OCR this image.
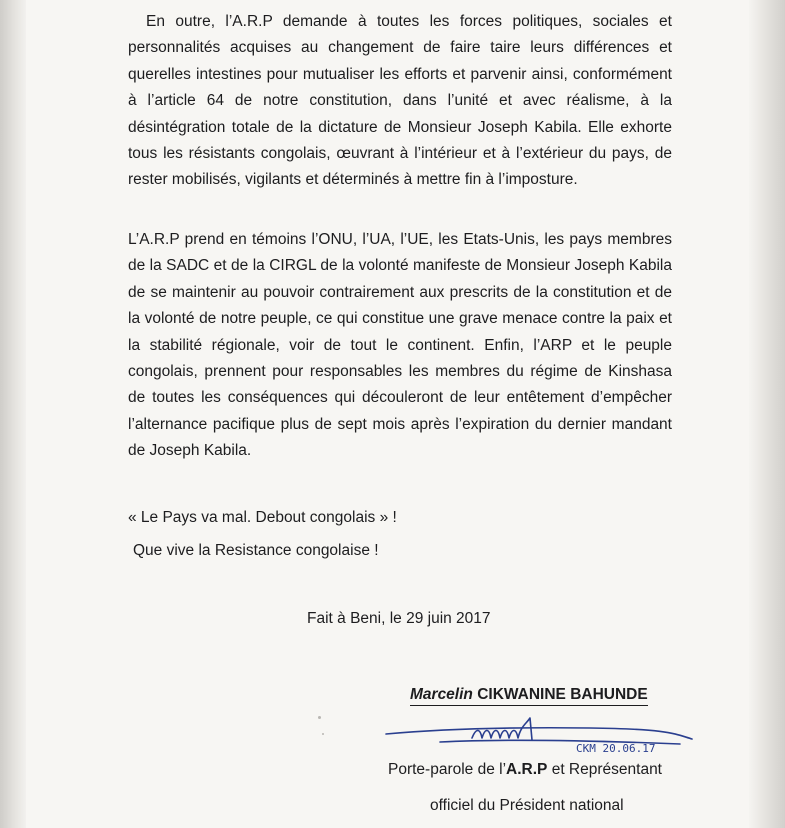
En outre, l’A.R.P demande à toutes les forces politiques, sociales et personnalités acquises au changement de faire taire leurs différences et querelles intestines pour mutualiser les efforts et parvenir ainsi, conformément à l’article 64 de notre constitution, dans l’unité et avec réalisme, à la désintégration totale de la dictature de Monsieur Joseph Kabila. Elle exhorte tous les résistants congolais, œuvrant à l’intérieur et à l’extérieur du pays, de rester mobilisés, vigilants et déterminés à mettre fin à l’imposture.

L’A.R.P prend en témoins l’ONU, l’UA, l’UE, les Etats-Unis, les pays membres de la SADC et de la CIRGL de la volonté manifeste de Monsieur Joseph Kabila de se maintenir au pouvoir contrairement aux prescrits de la constitution et de la volonté de notre peuple, ce qui constitue une grave menace contre la paix et la stabilité régionale, voir de tout le continent. Enfin, l’ARP et le peuple congolais, prennent pour responsables les membres du régime de Kinshasa de toutes les conséquences qui découleront de leur entêtement d’empêcher l’alternance pacifique plus de sept mois après l’expiration du dernier mandant de Joseph Kabila.

« Le Pays va mal. Debout congolais » !
Que vive la Resistance congolaise !
Fait à Beni, le 29 juin 2017
Marcelin CIKWANINE BAHUNDE
CKM 20.06.17
Porte-parole de l’A.R.P et Représentant
officiel du Président national
